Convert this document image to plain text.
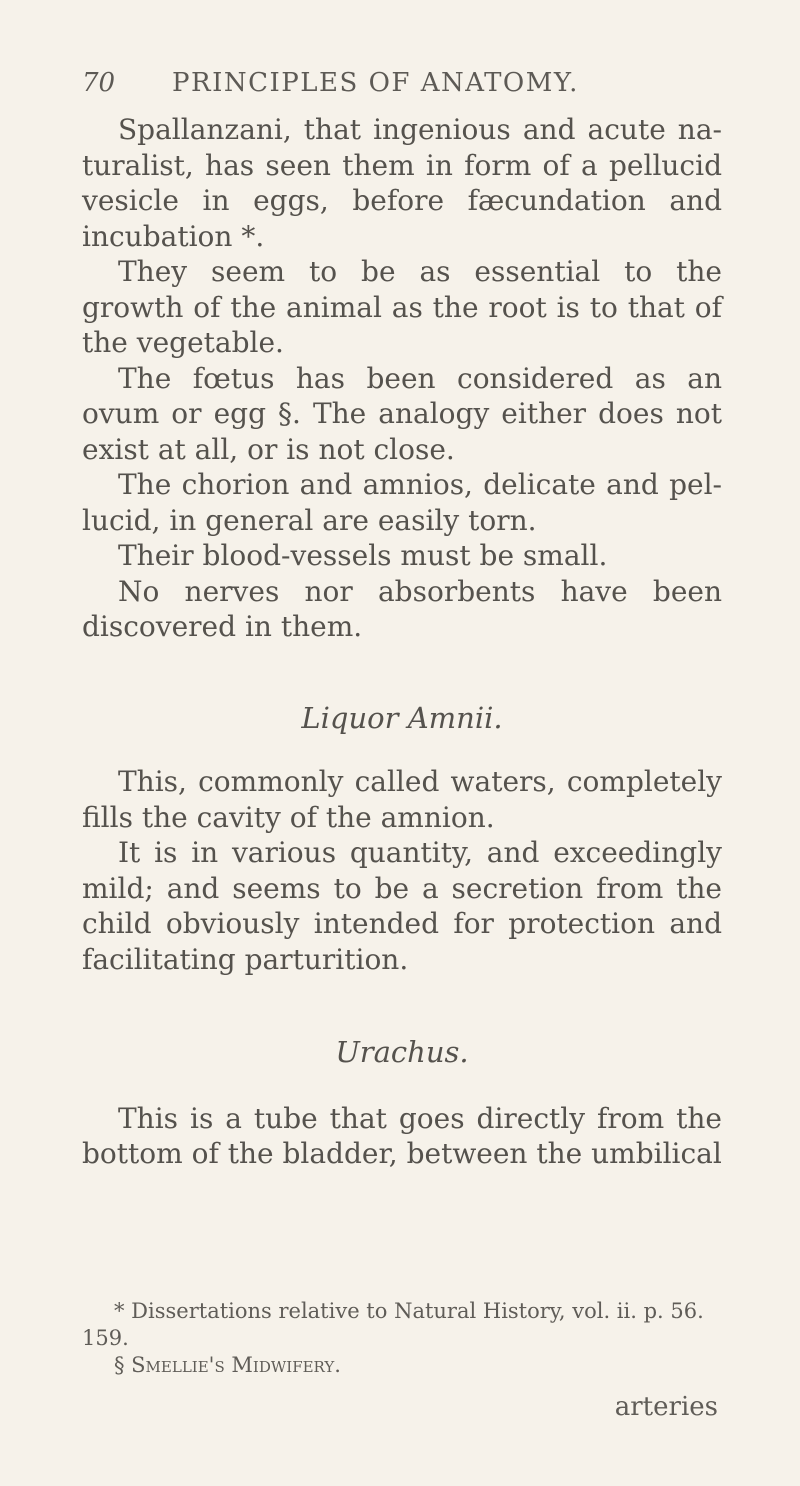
70 PRINCIPLES OF ANATOMY.

Spallanzani, that ingenious and acute naturalist, has seen them in form of a pellucid vesicle in eggs, before fæcundation and incubation *.

They seem to be as essential to the growth of the animal as the root is to that of the vegetable.

The fœtus has been considered as an ovum or egg §. The analogy either does not exist at all, or is not close.

The chorion and amnios, delicate and pellucid, in general are easily torn.

Their blood-vessels must be small.

No nerves nor absorbents have been discovered in them.

Liquor Amnii.

This, commonly called waters, completely fills the cavity of the amnion.

It is in various quantity, and exceedingly mild; and seems to be a secretion from the child obviously intended for protection and facilitating parturition.

Urachus.

This is a tube that goes directly from the bottom of the bladder, between the umbilical

* Dissertations relative to Natural History, vol. ii. p. 56. 159.
§ Smellie's Midwifery.
arteries
